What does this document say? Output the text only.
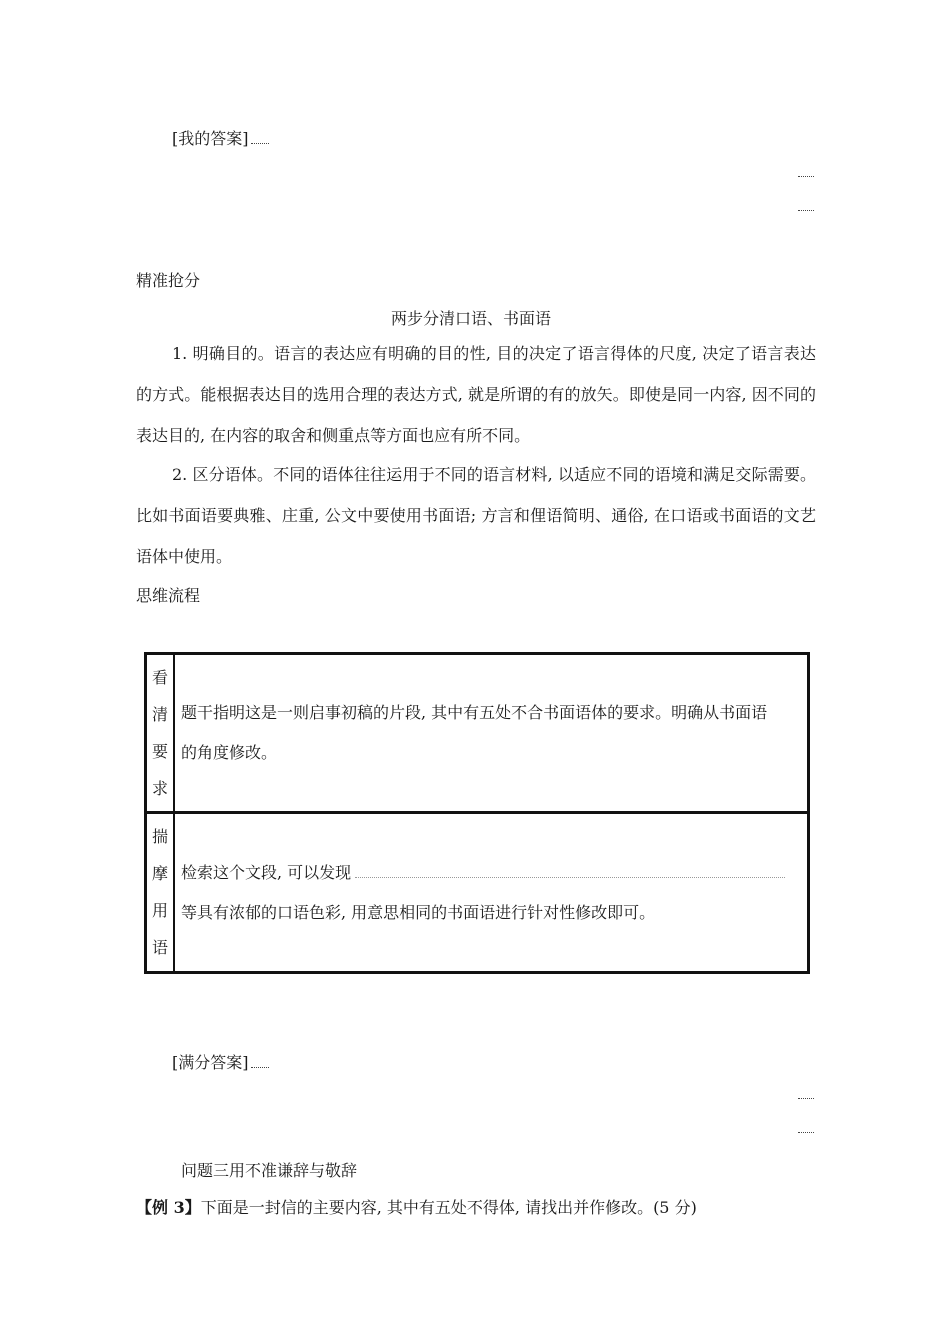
[我的答案]
精准抢分
两步分清口语、书面语
1. 明确目的。语言的表达应有明确的目的性, 目的决定了语言得体的尺度, 决定了语言表达的方式。能根据表达目的选用合理的表达方式, 就是所谓的有的放矢。即使是同一内容, 因不同的表达目的, 在内容的取舍和侧重点等方面也应有所不同。
2. 区分语体。不同的语体往往运用于不同的语言材料, 以适应不同的语境和满足交际需要。比如书面语要典雅、庄重, 公文中要使用书面语; 方言和俚语简明、通俗, 在口语或书面语的文艺语体中使用。
思维流程
看
清
要
求
题干指明这是一则启事初稿的片段, 其中有五处不合书面语体的要求。明确从书面语
的角度修改。
揣
摩
用
语
检索这个文段, 可以发现
等具有浓郁的口语色彩, 用意思相同的书面语进行针对性修改即可。
[满分答案]
问题三用不准谦辞与敬辞
【例 3】下面是一封信的主要内容, 其中有五处不得体, 请找出并作修改。(5 分)
